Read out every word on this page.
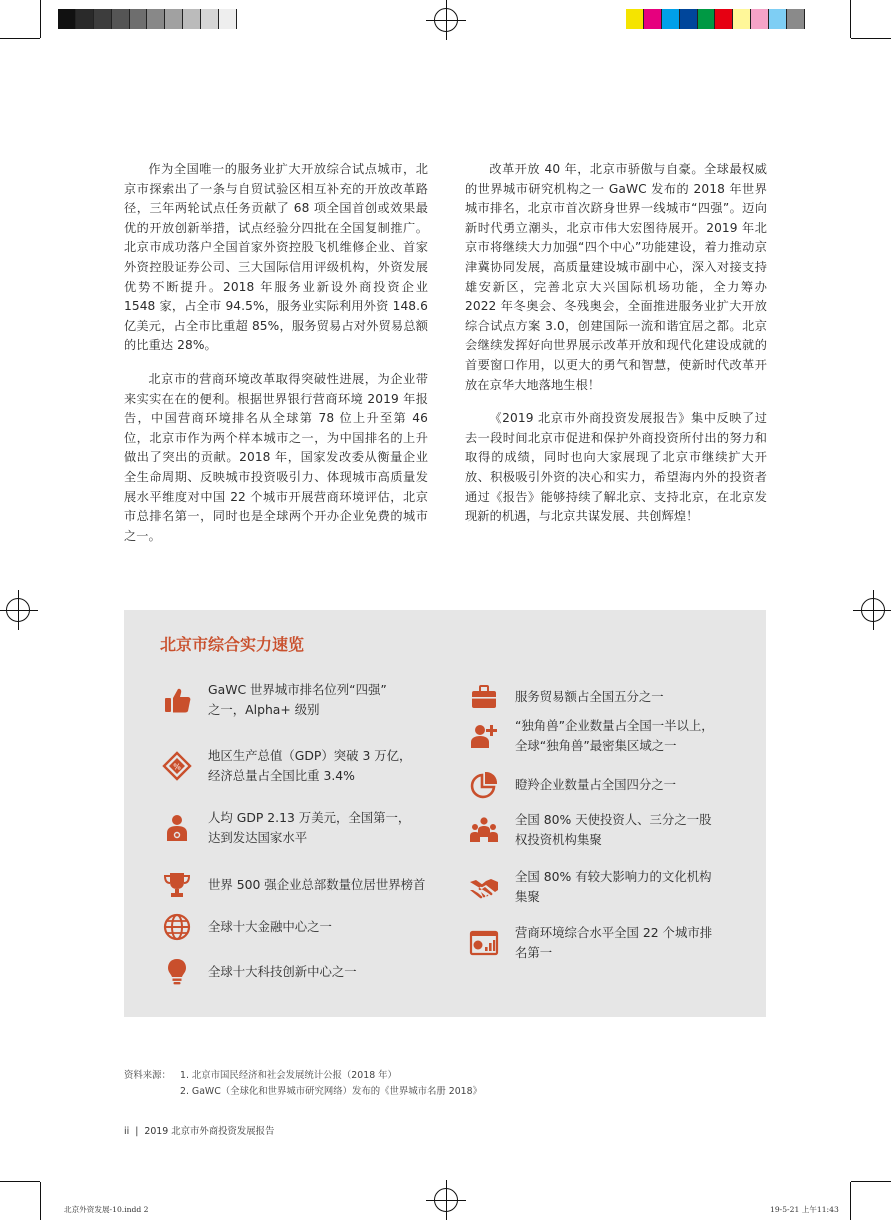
作为全国唯一的服务业扩大开放综合试点城市，北京市探索出了一条与自贸试验区相互补充的开放改革路径，三年两轮试点任务贡献了 68 项全国首创或效果最优的开放创新举措，试点经验分四批在全国复制推广。北京市成功落户全国首家外资控股飞机维修企业、首家外资控股证券公司、三大国际信用评级机构，外资发展优势不断提升。2018 年服务业新设外商投资企业 1548 家，占全市 94.5%，服务业实际利用外资 148.6 亿美元，占全市比重超 85%，服务贸易占对外贸易总额的比重达 28%。

北京市的营商环境改革取得突破性进展，为企业带来实实在在的便利。根据世界银行营商环境 2019 年报告，中国营商环境排名从全球第 78 位上升至第 46 位，北京市作为两个样本城市之一，为中国排名的上升做出了突出的贡献。2018 年，国家发改委从衡量企业全生命周期、反映城市投资吸引力、体现城市高质量发展水平维度对中国 22 个城市开展营商环境评估，北京市总排名第一，同时也是全球两个开办企业免费的城市之一。

改革开放 40 年，北京市骄傲与自豪。全球最权威的世界城市研究机构之一 GaWC 发布的 2018 年世界城市排名，北京市首次跻身世界一线城市“四强”。迈向新时代勇立潮头，北京市伟大宏图待展开。2019 年北京市将继续大力加强“四个中心”功能建设，着力推动京津冀协同发展，高质量建设城市副中心，深入对接支持雄安新区，完善北京大兴国际机场功能，全力筹办 2022 年冬奥会、冬残奥会，全面推进服务业扩大开放综合试点方案 3.0，创建国际一流和谐宜居之都。北京会继续发挥好向世界展示改革开放和现代化建设成就的首要窗口作用，以更大的勇气和智慧，使新时代改革开放在京华大地落地生根！

《2019 北京市外商投资发展报告》集中反映了过去一段时间北京市促进和保护外商投资所付出的努力和取得的成绩，同时也向大家展现了北京市继续扩大开放、积极吸引外资的决心和实力，希望海内外的投资者通过《报告》能够持续了解北京、支持北京，在北京发现新的机遇，与北京共谋发展、共创辉煌！

北京市综合实力速览
GaWC 世界城市排名位列“四强”
之一，Alpha+ 级别
%
地区生产总值（GDP）突破 3 万亿，
经济总量占全国比重 3.4%
人均 GDP 2.13 万美元，全国第一，
达到发达国家水平
世界 500 强企业总部数量位居世界榜首
全球十大金融中心之一
全球十大科技创新中心之一
服务贸易额占全国五分之一
“独角兽”企业数量占全国一半以上，
全球“独角兽”最密集区域之一
瞪羚企业数量占全国四分之一
全国 80% 天使投资人、三分之一股
权投资机构集聚
全国 80% 有较大影响力的文化机构
集聚
营商环境综合水平全国 22 个城市排
名第一
资料来源： 1. 北京市国民经济和社会发展统计公报（2018 年）
2. GaWC（全球化和世界城市研究网络）发布的《世界城市名册 2018》
ii | 2019 北京市外商投资发展报告
北京外资发展-10.indd 2	19-5-21 上午11:43
